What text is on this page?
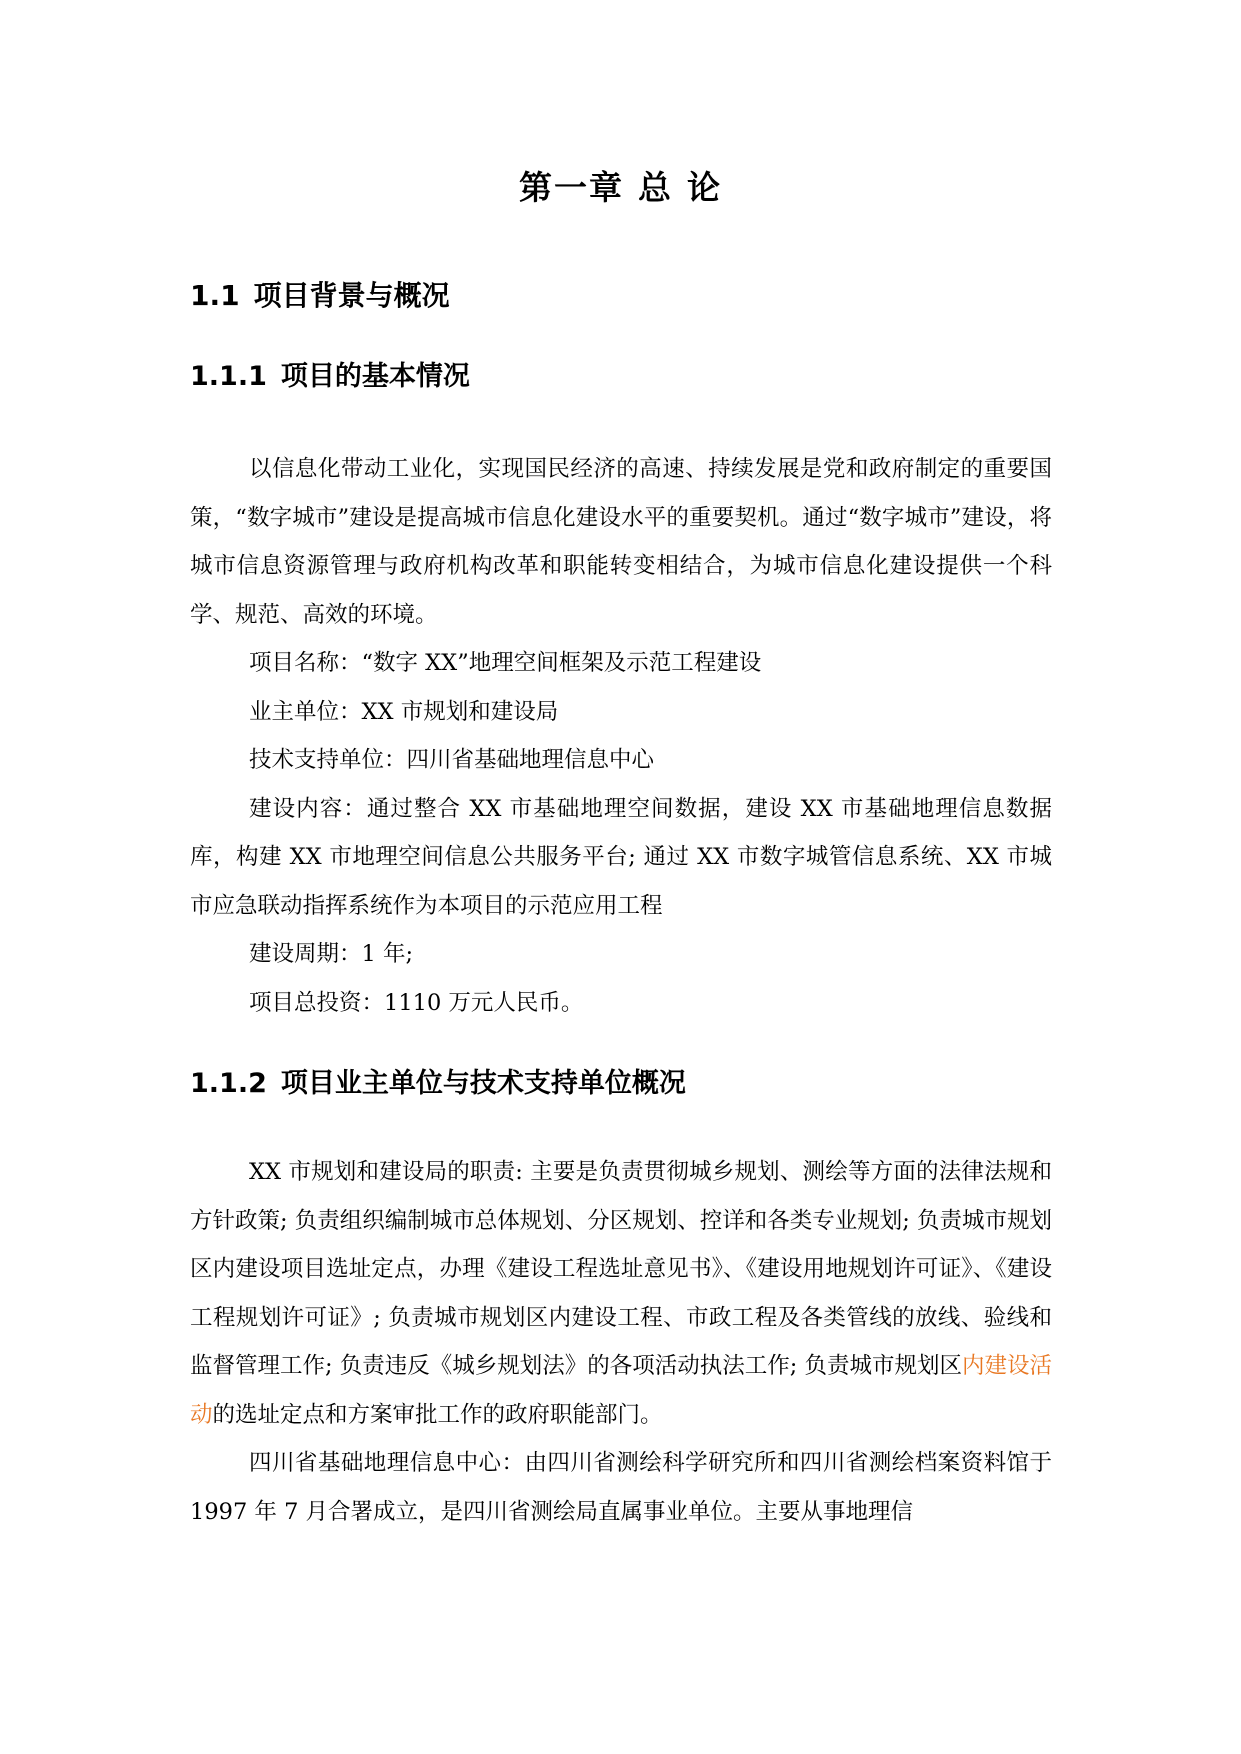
第一章 总 论
1.1 项目背景与概况
1.1.1 项目的基本情况

以信息化带动工业化，实现国民经济的高速、持续发展是党和政府制定的重要国策，“数字城市”建设是提高城市信息化建设水平的重要契机。通过“数字城市”建设，将城市信息资源管理与政府机构改革和职能转变相结合，为城市信息化建设提供一个科学、规范、高效的环境。

项目名称：“数字 XX”地理空间框架及示范工程建设

业主单位：XX 市规划和建设局

技术支持单位：四川省基础地理信息中心

建设内容：通过整合 XX 市基础地理空间数据，建设 XX 市基础地理信息数据库，构建 XX 市地理空间信息公共服务平台; 通过 XX 市数字城管信息系统、XX 市城市应急联动指挥系统作为本项目的示范应用工程

建设周期：1 年;

项目总投资：1110 万元人民币。

1.1.2 项目业主单位与技术支持单位概况

XX 市规划和建设局的职责: 主要是负责贯彻城乡规划、测绘等方面的法律法规和方针政策; 负责组织编制城市总体规划、分区规划、控详和各类专业规划; 负责城市规划区内建设项目选址定点，办理《建设工程选址意见书》、《建设用地规划许可证》、《建设工程规划许可证》; 负责城市规划区内建设工程、市政工程及各类管线的放线、验线和监督管理工作; 负责违反《城乡规划法》的各项活动执法工作; 负责城市规划区内建设活动的选址定点和方案审批工作的政府职能部门。

四川省基础地理信息中心：由四川省测绘科学研究所和四川省测绘档案资料馆于 1997 年 7 月合署成立，是四川省测绘局直属事业单位。主要从事地理信
